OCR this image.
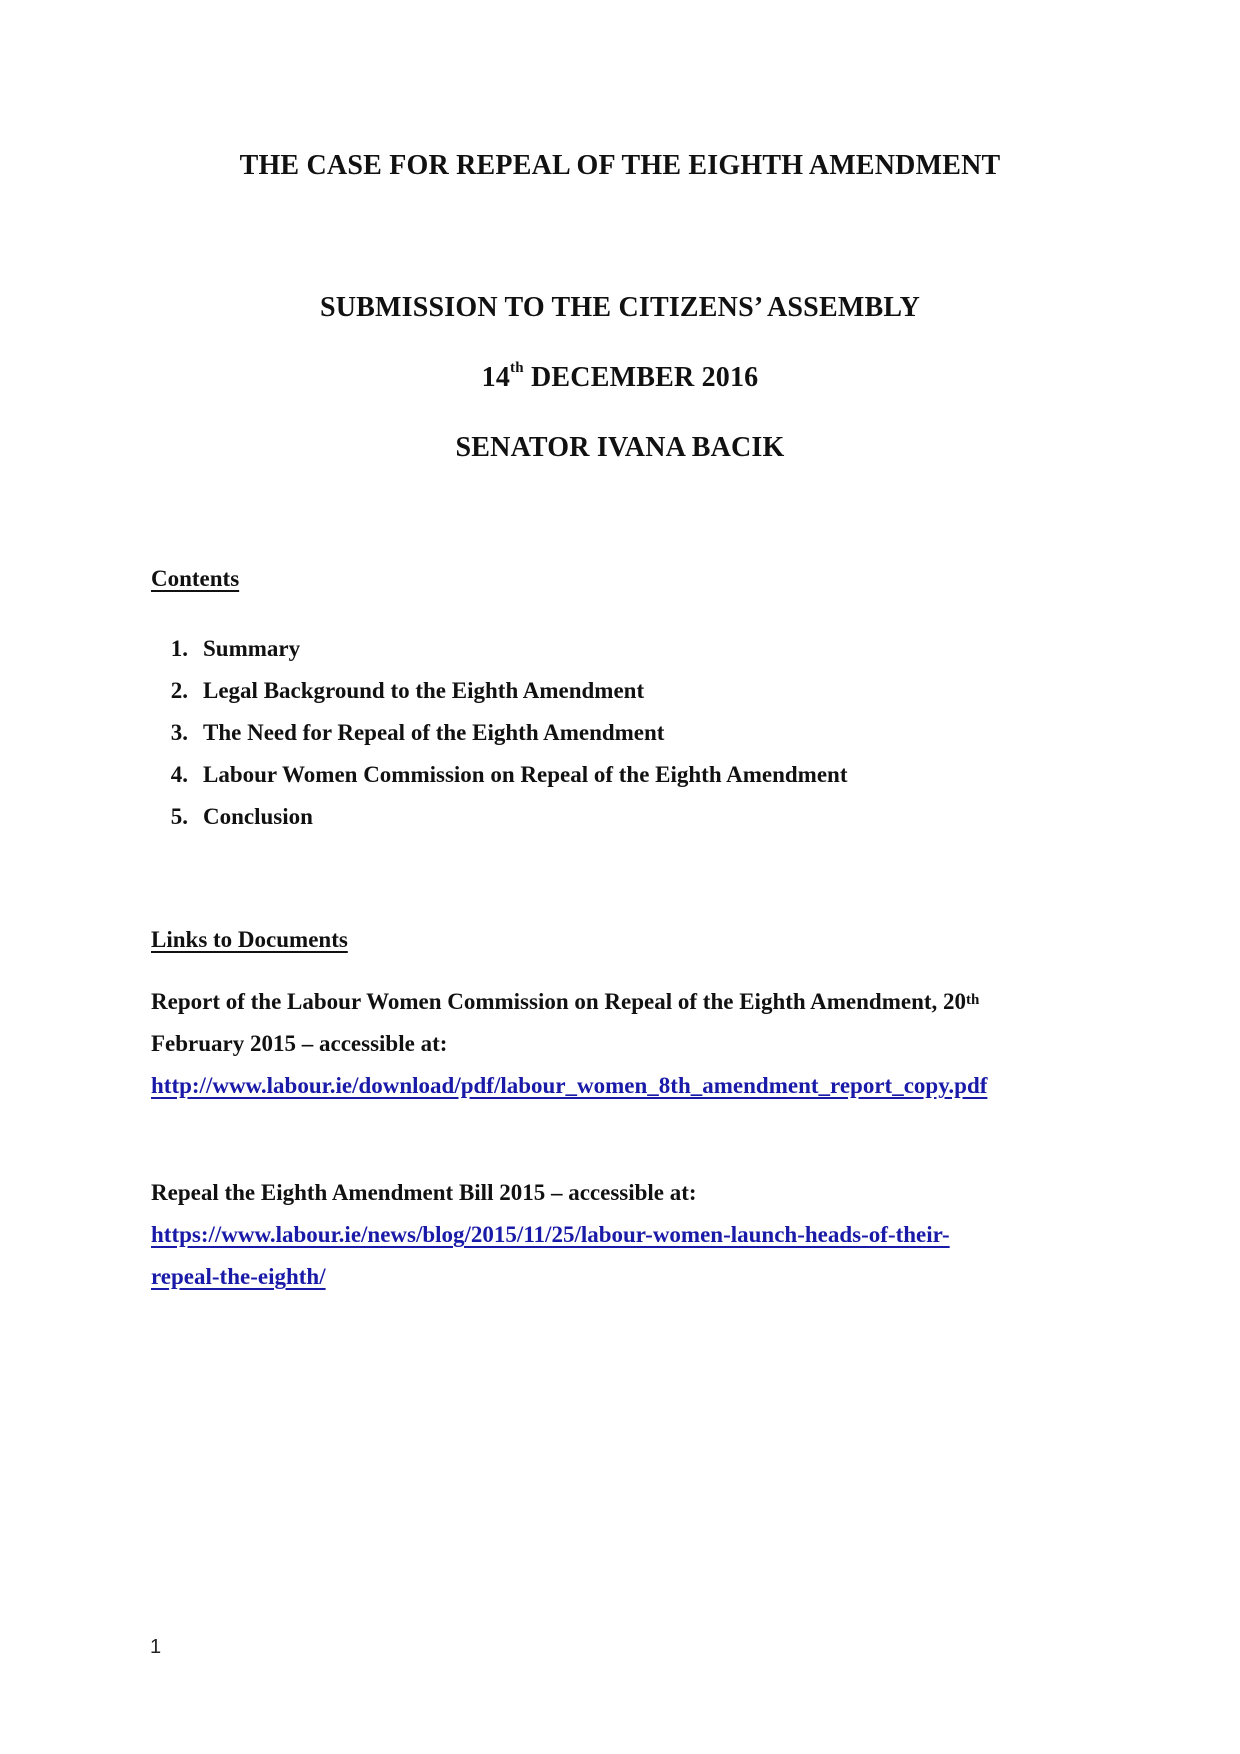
THE CASE FOR REPEAL OF THE EIGHTH AMENDMENT
SUBMISSION TO THE CITIZENS’ ASSEMBLY
14th DECEMBER 2016
SENATOR IVANA BACIK
Contents
1. Summary
2. Legal Background to the Eighth Amendment
3. The Need for Repeal of the Eighth Amendment
4. Labour Women Commission on Repeal of the Eighth Amendment
5. Conclusion
Links to Documents
Report of the Labour Women Commission on Repeal of the Eighth Amendment, 20th
February 2015 – accessible at:
http://www.labour.ie/download/pdf/labour_women_8th_amendment_report_copy.pdf
Repeal the Eighth Amendment Bill 2015 – accessible at:
https://www.labour.ie/news/blog/2015/11/25/labour-women-launch-heads-of-their-
repeal-the-eighth/
1
